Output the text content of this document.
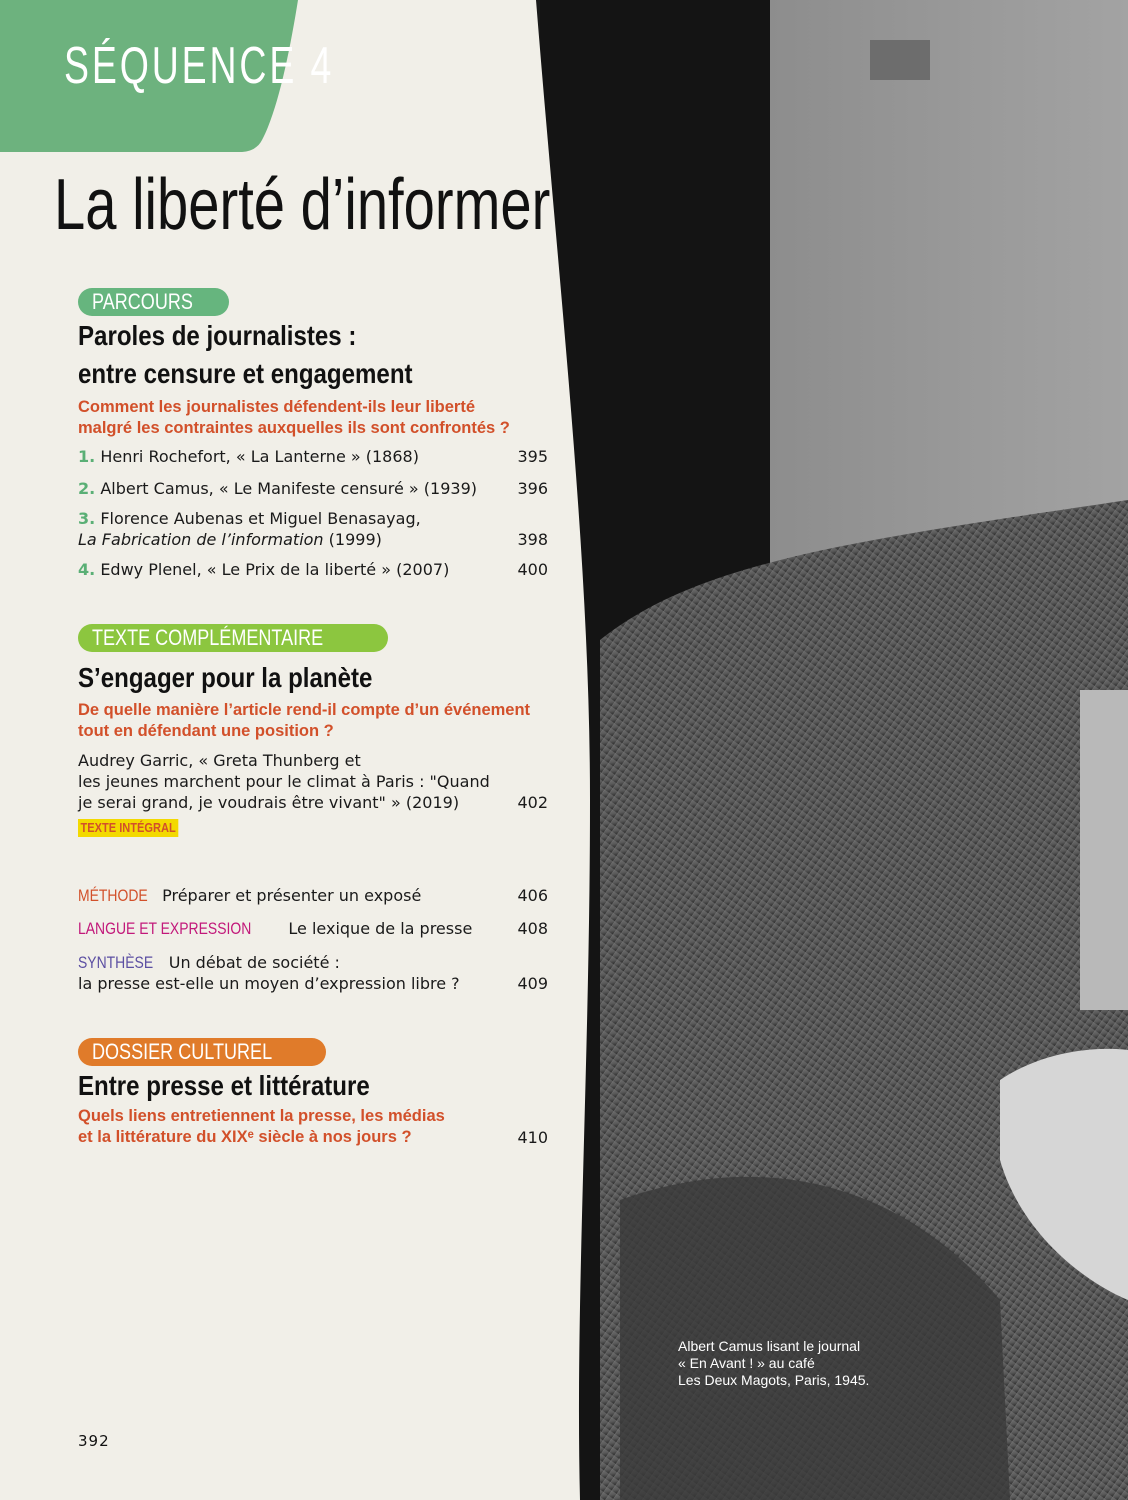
SÉQUENCE 4
La liberté d’informer
PARCOURS
Paroles de journalistes :
entre censure et engagement
Comment les journalistes défendent-ils leur liberté
malgré les contraintes auxquelles ils sont confrontés ?
1. Henri Rochefort, « La Lanterne » (1868)	395
2. Albert Camus, « Le Manifeste censuré » (1939)	396
3. Florence Aubenas et Miguel Benasayag,
La Fabrication de l’information (1999)	398
4. Edwy Plenel, « Le Prix de la liberté » (2007)	400
TEXTE COMPLÉMENTAIRE
S’engager pour la planète
De quelle manière l’article rend-il compte d’un événement
tout en défendant une position ?
Audrey Garric, « Greta Thunberg et
les jeunes marchent pour le climat à Paris : "Quand
je serai grand, je voudrais être vivant" » (2019)	402
TEXTE INTÉGRAL
MÉTHODE Préparer et présenter un exposé	406
LANGUE ET EXPRESSION Le lexique de la presse	408
SYNTHÈSE Un débat de société :
la presse est-elle un moyen d’expression libre ?	409
DOSSIER CULTUREL
Entre presse et littérature
Quels liens entretiennent la presse, les médias
et la littérature du XIXᵉ siècle à nos jours ?	410
Albert Camus lisant le journal
« En Avant ! » au café
Les Deux Magots, Paris, 1945.
392
